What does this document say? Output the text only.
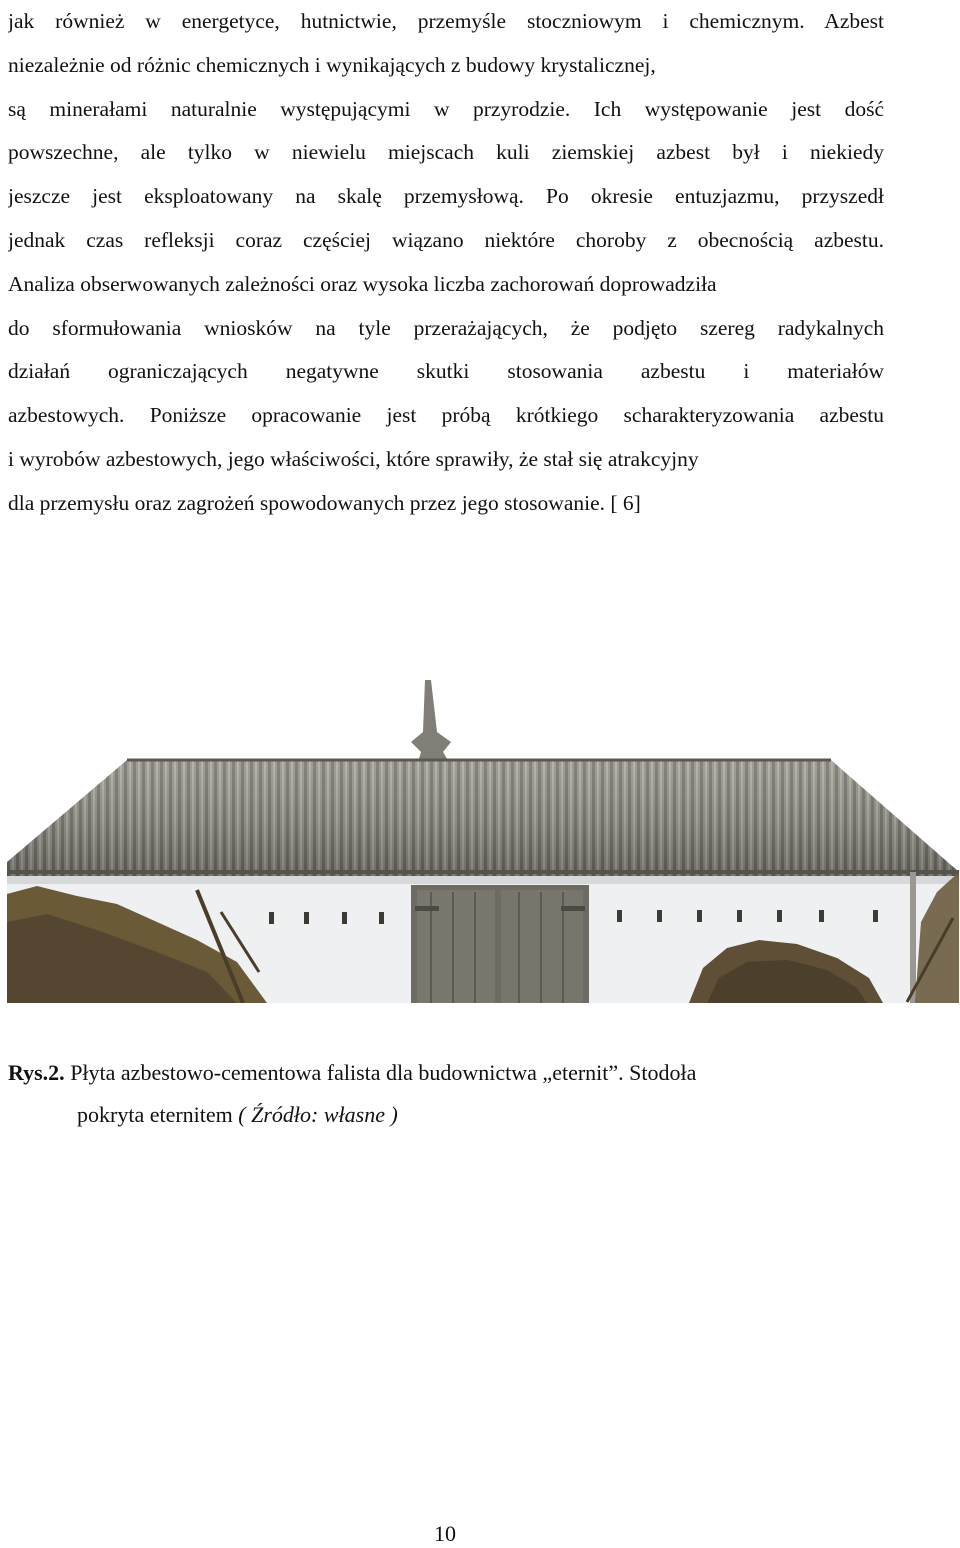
jak również w energetyce, hutnictwie, przemyśle stoczniowym i chemicznym. Azbest
niezależnie od różnic chemicznych i wynikających z budowy krystalicznej,
są minerałami naturalnie występującymi w przyrodzie. Ich występowanie jest dość
powszechne, ale tylko w niewielu miejscach kuli ziemskiej azbest był i niekiedy
jeszcze jest eksploatowany na skalę przemysłową. Po okresie entuzjazmu, przyszedł
jednak czas refleksji coraz częściej wiązano niektóre choroby z obecnością azbestu.
Analiza obserwowanych zależności oraz wysoka liczba zachorowań doprowadziła
do sformułowania wniosków na tyle przerażających, że podjęto szereg radykalnych
działań ograniczających negatywne skutki stosowania azbestu i materiałów
azbestowych. Poniższe opracowanie jest próbą krótkiego scharakteryzowania azbestu
i wyrobów azbestowych, jego właściwości, które sprawiły, że stał się atrakcyjny
dla przemysłu oraz zagrożeń spowodowanych przez jego stosowanie. [ 6]
Rys.2. Płyta azbestowo-cementowa falista dla budownictwa „eternit”. Stodoła
pokryta eternitem ( Źródło: własne )
10
